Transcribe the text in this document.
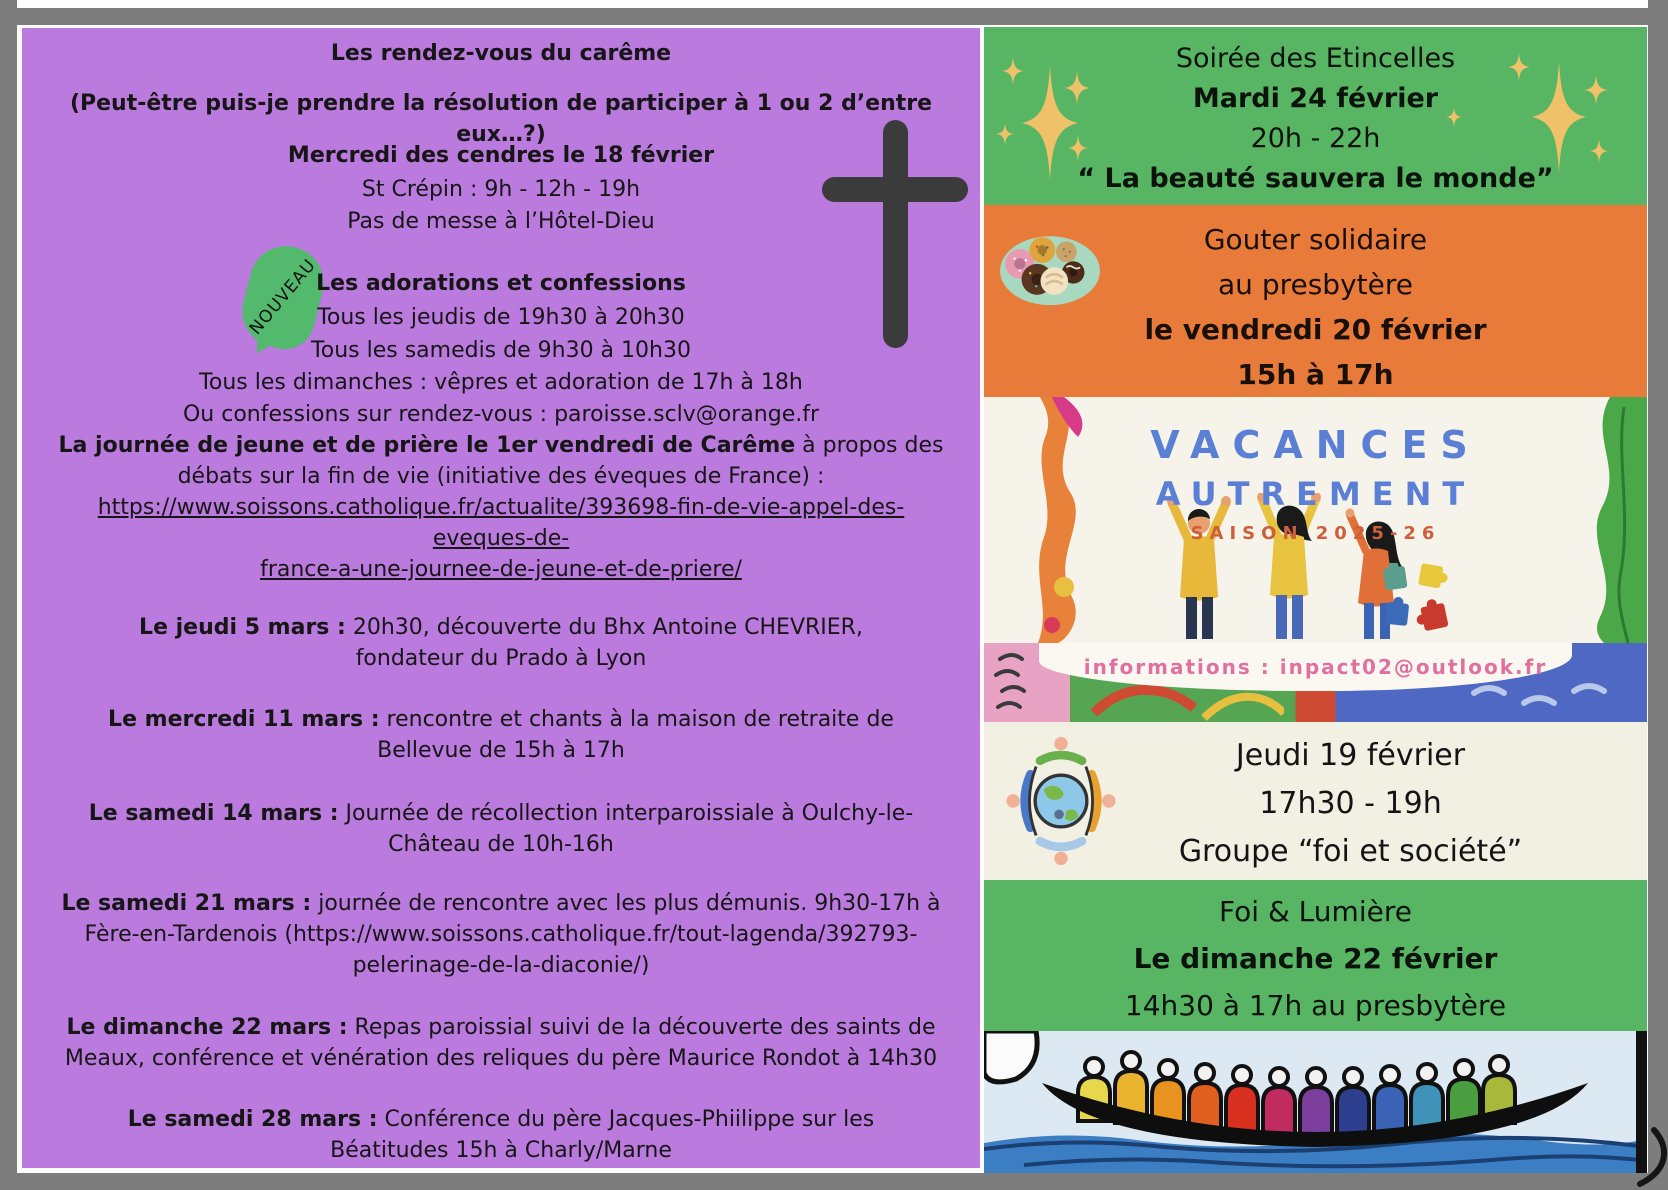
Les rendez-vous du carême
(Peut-être puis-je prendre la résolution de participer à 1 ou 2 d’entre eux…?)
Mercredi des cendres le 18 février
St Crépin : 9h - 12h - 19h
Pas de messe à l’Hôtel-Dieu
NOUVEAU
Les adorations et confessions
Tous les jeudis de 19h30 à 20h30
Tous les samedis de 9h30 à 10h30
Tous les dimanches : vêpres et adoration de 17h à 18h
Ou confessions sur rendez-vous : paroisse.sclv@orange.fr
La journée de jeune et de prière le 1er vendredi de Carême à propos des débats sur la fin de vie (initiative des éveques de France) :
https://www.soissons.catholique.fr/actualite/393698-fin-de-vie-appel-des-eveques-de-
france-a-une-journee-de-jeune-et-de-priere/
Le jeudi 5 mars : 20h30, découverte du Bhx Antoine CHEVRIER, fondateur du Prado à Lyon
Le mercredi 11 mars : rencontre et chants à la maison de retraite de Bellevue de 15h à 17h
Le samedi 14 mars : Journée de récollection interparoissiale à Oulchy-le-Château de 10h-16h
Le samedi 21 mars : journée de rencontre avec les plus démunis. 9h30-17h à Fère-en-Tardenois (https://www.soissons.catholique.fr/tout-lagenda/392793-pelerinage-de-la-diaconie/)
Le dimanche 22 mars : Repas paroissial suivi de la découverte des saints de Meaux, conférence et vénération des reliques du père Maurice Rondot à 14h30
Le samedi 28 mars : Conférence du père Jacques-Phiilippe sur les Béatitudes 15h à Charly/Marne
Soirée des Etincelles
Mardi 24 février
20h - 22h
“ La beauté sauvera le monde”
Gouter solidaire
au presbytère
le vendredi 20 février
15h à 17h
VACANCES
AUTREMENT
SAISON 2025-26
informations : inpact02@outlook.fr
Jeudi 19 février
17h30 - 19h
Groupe “foi et société”
Foi & Lumière
Le dimanche 22 février
14h30 à 17h au presbytère
